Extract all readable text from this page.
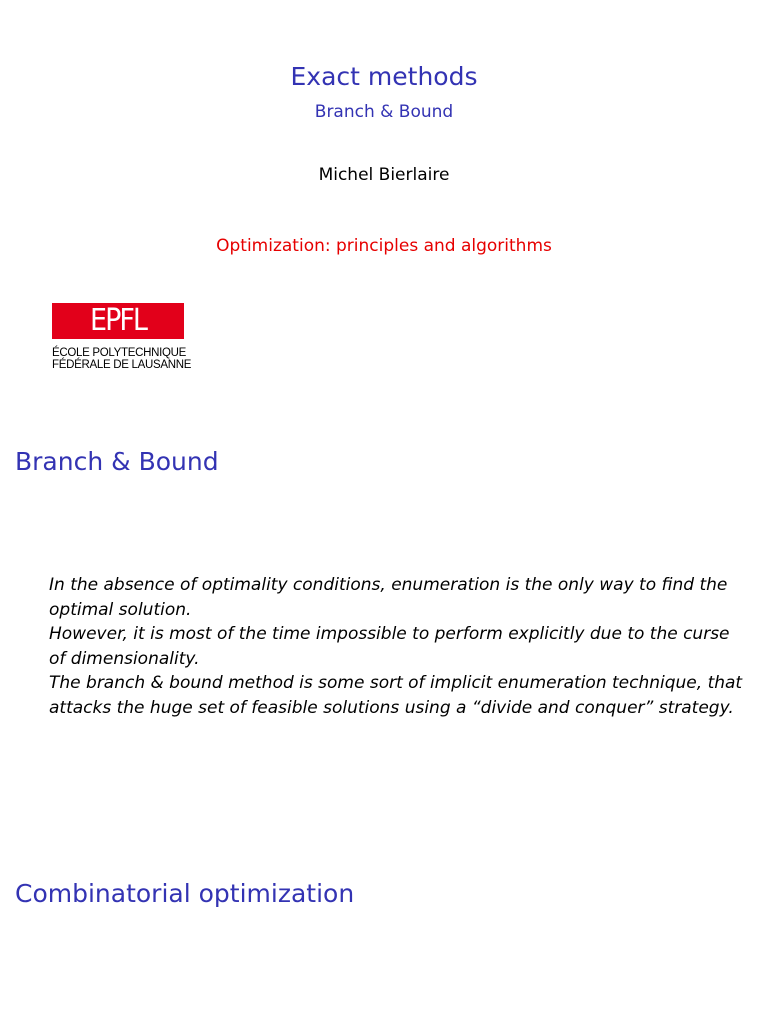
Exact methods
Branch & Bound
Michel Bierlaire
Optimization: principles and algorithms
EPFL
ÉCOLE POLYTECHNIQUE
FÉDÉRALE DE LAUSANNE
Branch & Bound
In the absence of optimality conditions, enumeration is the only way to find the
optimal solution.
However, it is most of the time impossible to perform explicitly due to the curse
of dimensionality.
The branch & bound method is some sort of implicit enumeration technique, that
attacks the huge set of feasible solutions using a “divide and conquer” strategy.
Combinatorial optimization
